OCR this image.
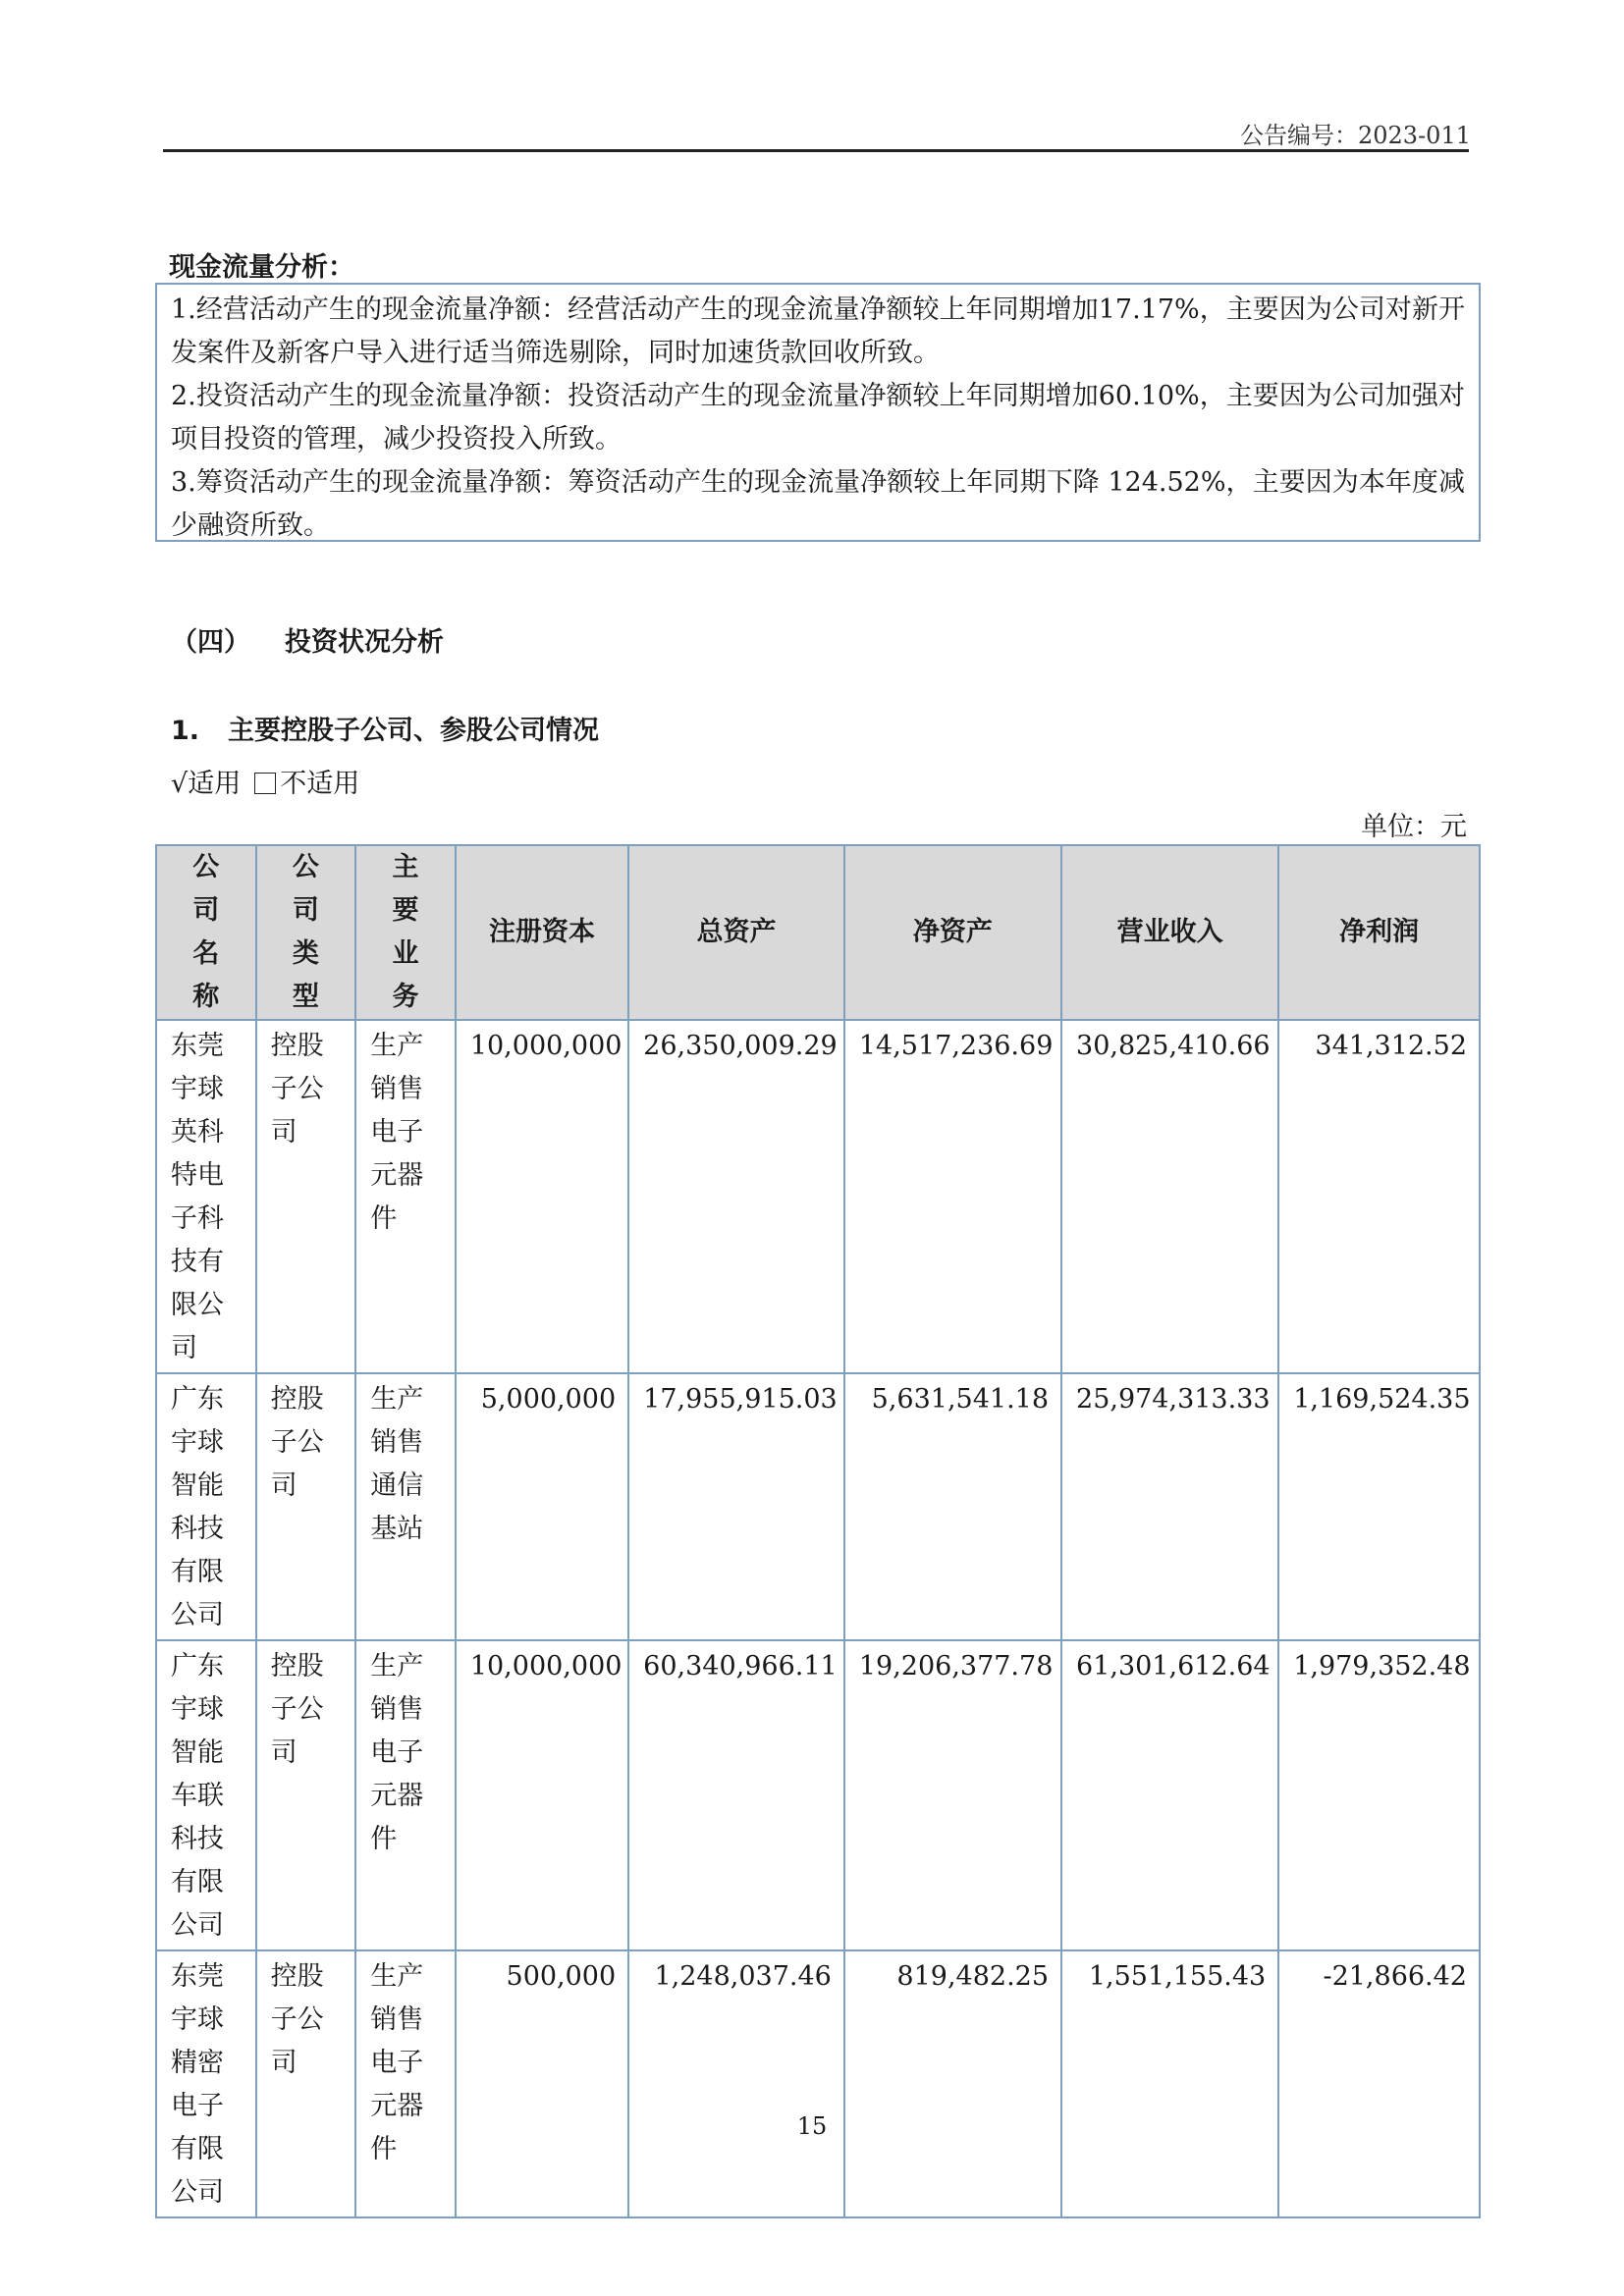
公告编号：2023-011
现金流量分析：

1.经营活动产生的现金流量净额：经营活动产生的现金流量净额较上年同期增加17.17%，主要因为公司对新开发案件及新客户导入进行适当筛选剔除，同时加速货款回收所致。

2.投资活动产生的现金流量净额：投资活动产生的现金流量净额较上年同期增加60.10%，主要因为公司加强对项目投资的管理，减少投资投入所致。

3.筹资活动产生的现金流量净额：筹资活动产生的现金流量净额较上年同期下降 124.52%，主要因为本年度减少融资所致。

（四） 投资状况分析
1. 主要控股子公司、参股公司情况
√适用 不适用
单位：元
公司名称	公司类型	主要业务	注册资本	总资产	净资产	营业收入	净利润

东莞宇球英科特电子科技有限公司	控股子公司	生产销售电子元器件	10,000,000	26,350,009.29	14,517,236.69	30,825,410.66	341,312.52

广东宇球智能科技有限公司	控股子公司	生产销售通信基站	5,000,000	17,955,915.03	5,631,541.18	25,974,313.33	1,169,524.35

广东宇球智能车联科技有限公司	控股子公司	生产销售电子元器件	10,000,000	60,340,966.11	19,206,377.78	61,301,612.64	1,979,352.48

东莞宇球精密电子有限公司	控股子公司	生产销售电子元器件	500,000	1,248,037.46	819,482.25	1,551,155.43	-21,866.42
15
